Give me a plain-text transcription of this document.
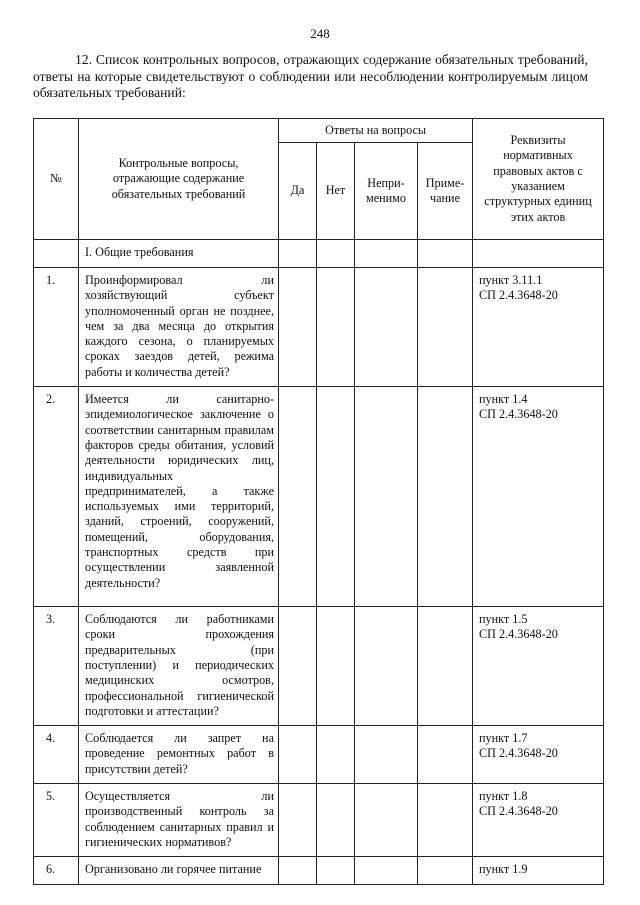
248
12. Список контрольных вопросов, отражающих содержание обязательных требований, ответы на которые свидетельствуют о соблюдении или несоблюдении контролируемым лицом обязательных требований:
№	Контрольные вопросы, отражающие содержание обязательных требований	Ответы на вопросы				Реквизиты нормативных правовых актов с указанием структурных единиц этих актов
		Да	Нет	Непри-менимо	Приме-чание	
	I. Общие требования					
1.	Проинформировал ли хозяйствующий субъект уполномоченный орган не позднее, чем за два месяца до открытия каждого сезона, о планируемых сроках заездов детей, режима работы и количества детей?					пункт 3.11.1
СП 2.4.3648-20

2.	Имеется ли санитарно-эпидемиологическое заключение о соответствии санитарным правилам факторов среды обитания, условий деятельности юридических лиц, индивидуальных предпринимателей, а также используемых ими территорий, зданий, строений, сооружений, помещений, оборудования, транспортных средств при осуществлении заявленной деятельности?					пункт 1.4
СП 2.4.3648-20

3.	Соблюдаются ли работниками сроки прохождения предварительных (при поступлении) и периодических медицинских осмотров, профессиональной гигиенической подготовки и аттестации?					пункт 1.5
СП 2.4.3648-20

4.	Соблюдается ли запрет на проведение ремонтных работ в присутствии детей?					пункт 1.7
СП 2.4.3648-20

5.	Осуществляется ли производственный контроль за соблюдением санитарных правил и гигиенических нормативов?					пункт 1.8
СП 2.4.3648-20

6.	Организовано ли горячее питание					пункт 1.9
